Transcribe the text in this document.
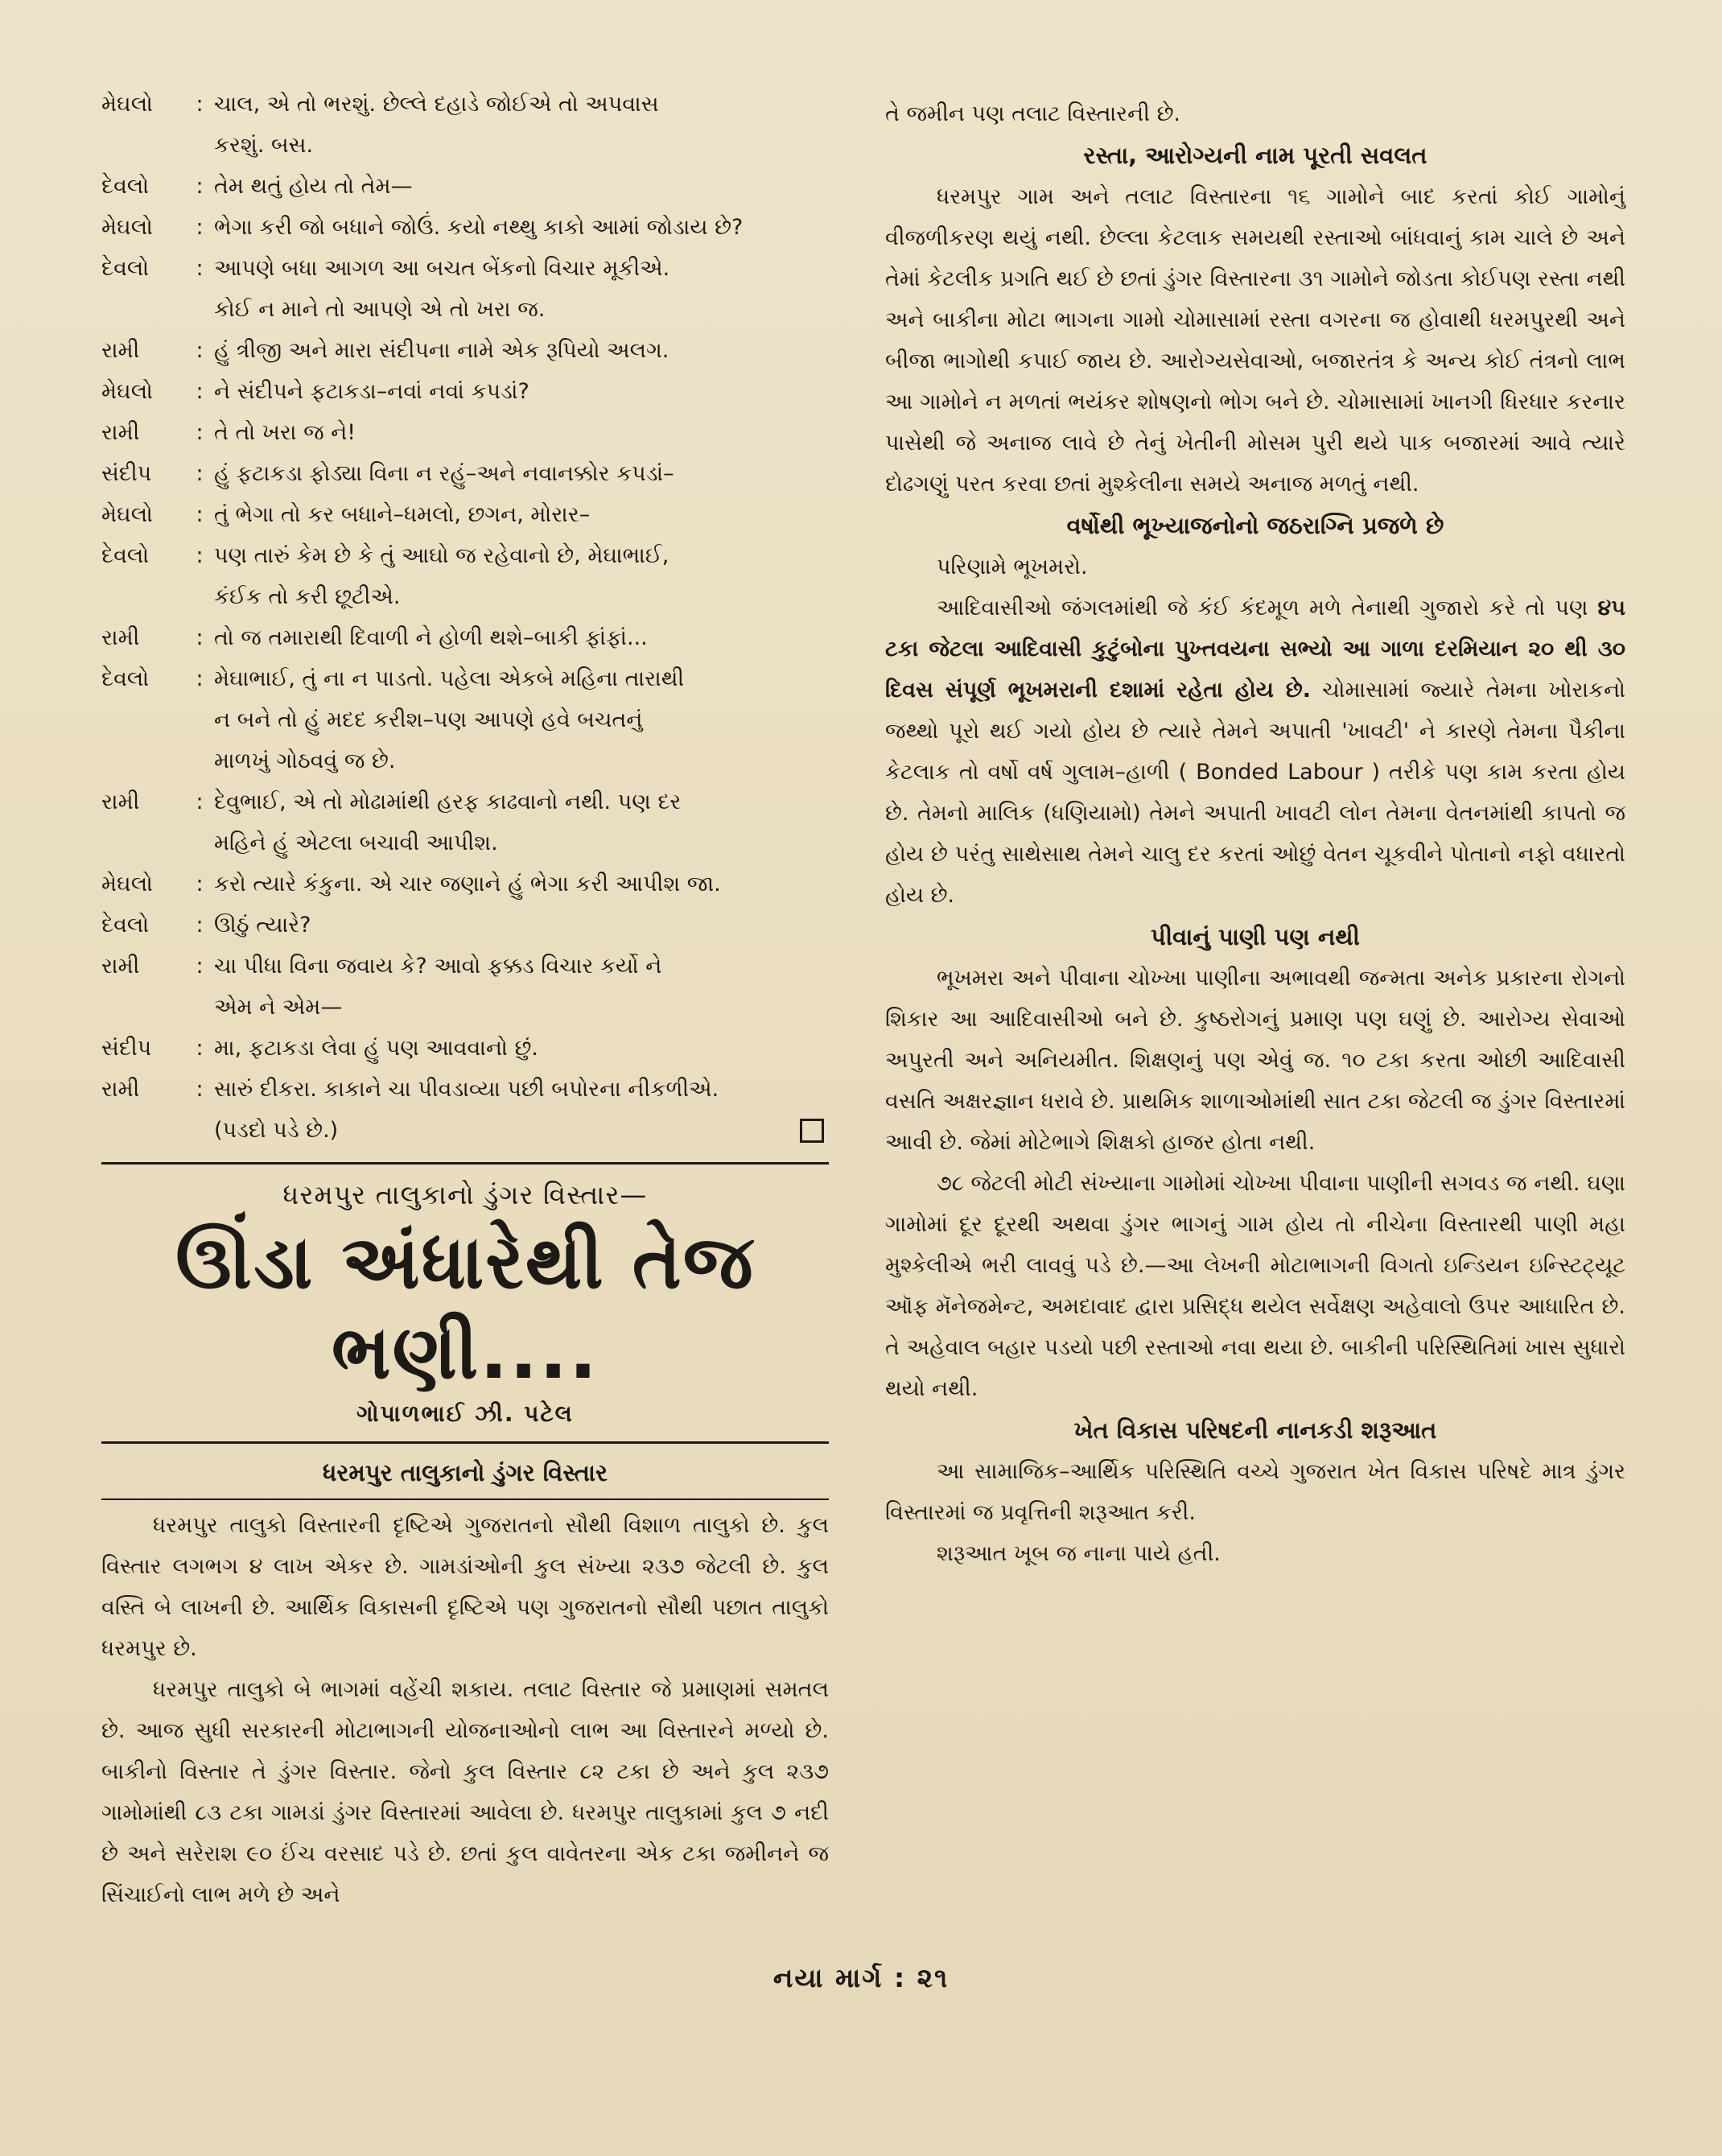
મેઘલો	: ચાલ, એ તો ભરશું. છેલ્લે દહાડે જોઈએ તો અપવાસ
કરશું. બસ.
દેવલો	: તેમ થતું હોય તો તેમ—
મેઘલો	: ભેગા કરી જો બધાને જોઉં. કયો નથ્થુ કાકો આમાં જોડાય છે?
દેવલો	: આપણે બધા આગળ આ બચત બેંકનો વિચાર મૂકીએ.
કોઈ ન માને તો આપણે એ તો ખરા જ.
રામી	: હું ત્રીજી અને મારા સંદીપના નામે એક રૂપિયો અલગ.
મેઘલો	: ને સંદીપને ફટાકડા–નવાં નવાં કપડાં?
રામી	: તે તો ખરા જ ને!
સંદીપ	: હું ફટાકડા ફોડ્યા વિના ન રહું–અને નવાનક્કોર કપડાં–
મેઘલો	: તું ભેગા તો કર બધાને–ધમલો, છગન, મોરાર–
દેવલો	: પણ તારું કેમ છે કે તું આઘો જ રહેવાનો છે, મેઘાભાઈ,
કંઈક તો કરી છૂટીએ.
રામી	: તો જ તમારાથી દિવાળી ને હોળી થશે–બાકી ફાંફાં...
દેવલો	: મેઘાભાઈ, તું ના ન પાડતો. પહેલા એકબે મહિના તારાથી
ન બને તો હું મદદ કરીશ–પણ આપણે હવે બચતનું
માળખું ગોઠવવું જ છે.
રામી	: દેવુભાઈ, એ તો મોઢામાંથી હરફ કાઢવાનો નથી. પણ દર
મહિને હું એટલા બચાવી આપીશ.
મેઘલો	: કરો ત્યારે કંકુના. એ ચાર જણાને હું ભેગા કરી આપીશ જા.
દેવલો	: ઊઠું ત્યારે?
રામી	: ચા પીધા વિના જવાય કે? આવો ફક્કડ વિચાર કર્યો ને
એમ ને એમ—
સંદીપ	: મા, ફટાકડા લેવા હું પણ આવવાનો છું.
રામી	: સારું દીકરા. કાકાને ચા પીવડાવ્યા પછી બપોરના નીકળીએ.
(પડદો પડે છે.)
ધરમપુર તાલુકાનો ડુંગર વિસ્તાર—
ઊંડા અંધારેથી તેજ ભણી....
ગોપાળભાઈ ઝી. પટેલ
ધરમપુર તાલુકાનો ડુંગર વિસ્તાર

ધરમપુર તાલુકો વિસ્તારની દૃષ્ટિએ ગુજરાતનો સૌથી વિશાળ તાલુકો છે. કુલ વિસ્તાર લગભગ ૪ લાખ એકર છે. ગામડાંઓની કુલ સંખ્યા ૨૩૭ જેટલી છે. કુલ વસ્તિ બે લાખની છે. આર્થિક વિકાસની દૃષ્ટિએ પણ ગુજરાતનો સૌથી પછાત તાલુકો ધરમપુર છે.

ધરમપુર તાલુકો બે ભાગમાં વહેંચી શકાય. તલાટ વિસ્તાર જે પ્રમાણમાં સમતલ છે. આજ સુધી સરકારની મોટાભાગની યોજનાઓનો લાભ આ વિસ્તારને મળ્યો છે. બાકીનો વિસ્તાર તે ડુંગર વિસ્તાર. જેનો કુલ વિસ્તાર ૮૨ ટકા છે અને કુલ ૨૩૭ ગામોમાંથી ૮૩ ટકા ગામડાં ડુંગર વિસ્તારમાં આવેલા છે. ધરમપુર તાલુકામાં કુલ ૭ નદી છે અને સરેરાશ ૯૦ ઈંચ વરસાદ પડે છે. છતાં કુલ વાવેતરના એક ટકા જમીનને જ સિંચાઈનો લાભ મળે છે અને

તે જમીન પણ તલાટ વિસ્તારની છે.

રસ્તા, આરોગ્યની નામ પૂરતી સવલત

ધરમપુર ગામ અને તલાટ વિસ્તારના ૧૬ ગામોને બાદ કરતાં કોઈ ગામોનું વીજળીકરણ થયું નથી. છેલ્લા કેટલાક સમયથી રસ્તાઓ બાંધવાનું કામ ચાલે છે અને તેમાં કેટલીક પ્રગતિ થઈ છે છતાં ડુંગર વિસ્તારના ૩૧ ગામોને જોડતા કોઈપણ રસ્તા નથી અને બાકીના મોટા ભાગના ગામો ચોમાસામાં રસ્તા વગરના જ હોવાથી ધરમપુરથી અને બીજા ભાગોથી કપાઈ જાય છે. આરોગ્યસેવાઓ, બજારતંત્ર કે અન્ય કોઈ તંત્રનો લાભ આ ગામોને ન મળતાં ભયંકર શોષણનો ભોગ બને છે. ચોમાસામાં ખાનગી ધિરધાર કરનાર પાસેથી જે અનાજ લાવે છે તેનું ખેતીની મોસમ પુરી થયે પાક બજારમાં આવે ત્યારે દોઢગણું પરત કરવા છતાં મુશ્કેલીના સમયે અનાજ મળતું નથી.

વર્ષોથી ભૂખ્યાજનોનો જઠરાગ્નિ પ્રજળે છે

પરિણામે ભૂખમરો.

આદિવાસીઓ જંગલમાંથી જે કંઈ કંદમૂળ મળે તેનાથી ગુજારો કરે તો પણ ૪૫ ટકા જેટલા આદિવાસી કુટુંબોના પુખ્તવયના સભ્યો આ ગાળા દરમિયાન ૨૦ થી ૩૦ દિવસ સંપૂર્ણ ભૂખમરાની દશામાં રહેતા હોય છે. ચોમાસામાં જ્યારે તેમના ખોરાકનો જથ્થો પૂરો થઈ ગયો હોય છે ત્યારે તેમને અપાતી 'ખાવટી' ને કારણે તેમના પૈકીના કેટલાક તો વર્ષો વર્ષ ગુલામ–હાળી ( Bonded Labour ) તરીકે પણ કામ કરતા હોય છે. તેમનો માલિક (ધણિયામો) તેમને અપાતી ખાવટી લોન તેમના વેતનમાંથી કાપતો જ હોય છે પરંતુ સાથેસાથ તેમને ચાલુ દર કરતાં ઓછું વેતન ચૂકવીને પોતાનો નફો વધારતો હોય છે.

પીવાનું પાણી પણ નથી

ભૂખમરા અને પીવાના ચોખ્ખા પાણીના અભાવથી જન્મતા અનેક પ્રકારના રોગનો શિકાર આ આદિવાસીઓ બને છે. કુષ્ઠરોગનું પ્રમાણ પણ ઘણું છે. આરોગ્ય સેવાઓ અપુરતી અને અનિયમીત. શિક્ષણનું પણ એવું જ. ૧૦ ટકા કરતા ઓછી આદિવાસી વસતિ અક્ષરજ્ઞાન ધરાવે છે. પ્રાથમિક શાળાઓમાંથી સાત ટકા જેટલી જ ડુંગર વિસ્તારમાં આવી છે. જેમાં મોટેભાગે શિક્ષકો હાજર હોતા નથી.

૭૮ જેટલી મોટી સંખ્યાના ગામોમાં ચોખ્ખા પીવાના પાણીની સગવડ જ નથી. ઘણા ગામોમાં દૂર દૂરથી અથવા ડુંગર ભાગનું ગામ હોય તો નીચેના વિસ્તારથી પાણી મહા મુશ્કેલીએ ભરી લાવવું પડે છે.—આ લેખની મોટાભાગની વિગતો ઇન્ડિયન ઇન્સ્ટિટ્યૂટ ઑફ મૅનેજમેન્ટ, અમદાવાદ દ્વારા પ્રસિદ્ધ થયેલ સર્વેક્ષણ અહેવાલો ઉપર આધારિત છે. તે અહેવાલ બહાર પડયો પછી રસ્તાઓ નવા થયા છે. બાકીની પરિસ્થિતિમાં ખાસ સુધારો થયો નથી.

ખેત વિકાસ પરિષદની નાનકડી શરૂઆત

આ સામાજિક–આર્થિક પરિસ્થિતિ વચ્ચે ગુજરાત ખેત વિકાસ પરિષદે માત્ર ડુંગર વિસ્તારમાં જ પ્રવૃત્તિની શરૂઆત કરી.

શરૂઆત ખૂબ જ નાના પાયે હતી.

નયા માર્ગ : ૨૧
